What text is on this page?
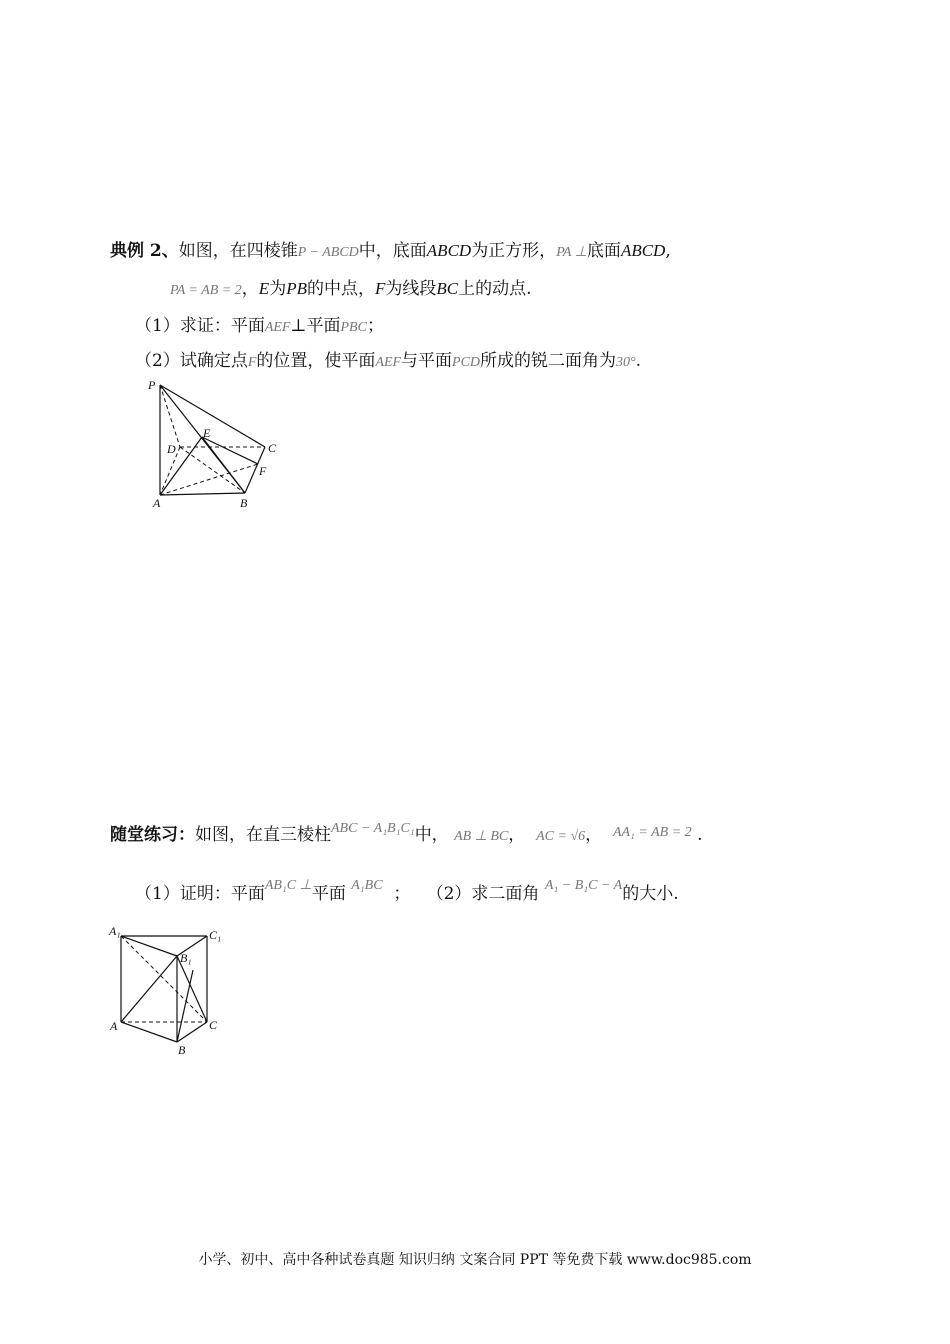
典例 2、如图，在四棱锥P − ABCD中，底面ABCD为正方形，PA ⊥底面ABCD,
PA = AB = 2，E为PB的中点，F为线段BC上的动点.
（1）求证：平面AEF⊥平面PBC；
（2）试确定点F的位置，使平面AEF与平面PCD所成的锐二面角为30°.
P
E
D	C
F
A	B
随堂练习：如图，在直三棱柱$^{ABC - A_1B_1C_1}$中， AB ⊥ BC， AC = √6， $^{AA_1 = AB = 2}$ .
（1）证明：平面$^{AB_1C \perp}$平面 $^{A_1BC}$ ； （2）求二面角 $^{A_1 - B_1C - A}$的大小.
A₁	C₁
B₁
A	C
B
小学、初中、高中各种试卷真题 知识归纳 文案合同 PPT 等免费下载 www.doc985.com
